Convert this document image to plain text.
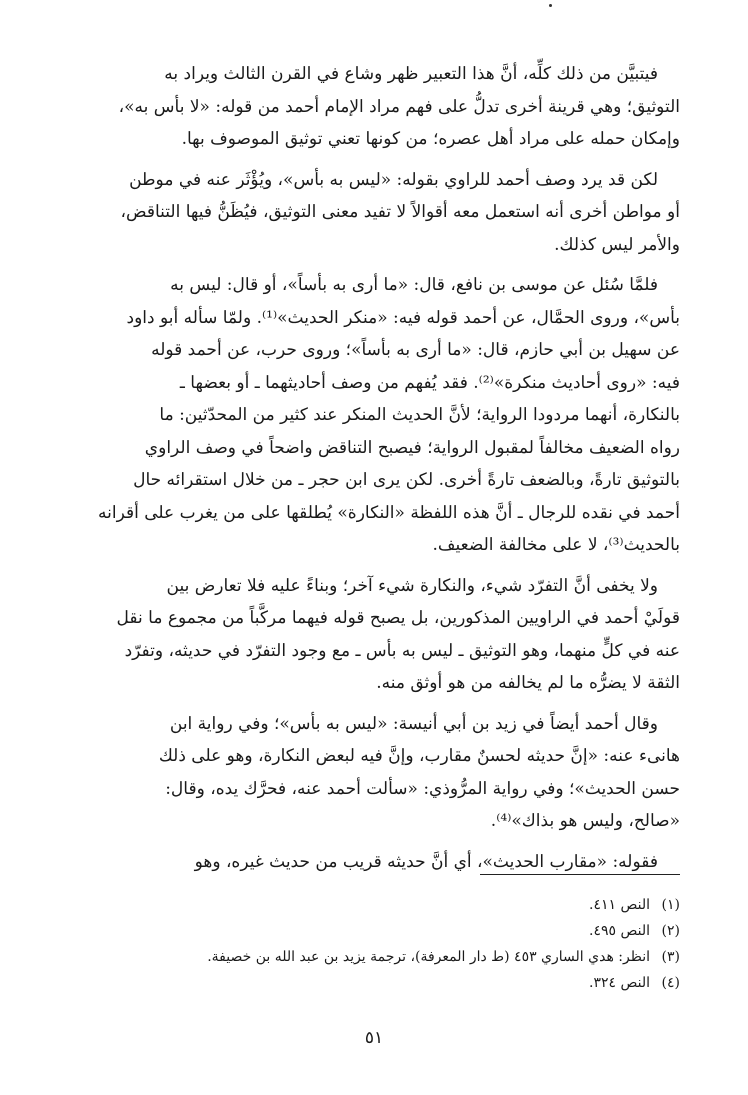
فيتبيَّن من ذلك كلِّه، أنَّ هذا التعبير ظهر وشاع في القرن الثالث ويراد به
التوثيق؛ وهي قرينة أخرى تدلُّ على فهم مراد الإمام أحمد من قوله: «لا بأس به»،
وإمكان حمله على مراد أهل عصره؛ من كونها تعني توثيق الموصوف بها.

لكن قد يرد وصف أحمد للراوي بقوله: «ليس به بأس»، ويُؤْثَر عنه في موطن
أو مواطن أخرى أنه استعمل معه أقوالاً لا تفيد معنى التوثيق، فيُظَنُّ فيها التناقض،
والأمر ليس كذلك.

فلمَّا سُئل عن موسى بن نافع، قال: «ما أرى به بأساً»، أو قال: ليس به
بأس»، وروى الحمَّال، عن أحمد قوله فيه: «منكر الحديث»⁽¹⁾. ولمّا سأله أبو داود
عن سهيل بن أبي حازم، قال: «ما أرى به بأساً»؛ وروى حرب، عن أحمد قوله
فيه: «روى أحاديث منكرة»⁽²⁾. فقد يُفهم من وصف أحاديثهما ـ أو بعضها ـ
بالنكارة، أنهما مردودا الرواية؛ لأنَّ الحديث المنكر عند كثير من المحدّثين: ما
رواه الضعيف مخالفاً لمقبول الرواية؛ فيصبح التناقض واضحاً في وصف الراوي
بالتوثيق تارةً، وبالضعف تارةً أخرى. لكن يرى ابن حجر ـ من خلال استقرائه حال
أحمد في نقده للرجال ـ أنَّ هذه اللفظة «النكارة» يُطلقها على من يغرب على أقرانه
بالحديث⁽³⁾، لا على مخالفة الضعيف.

ولا يخفى أنَّ التفرّد شيء، والنكارة شيء آخر؛ وبناءً عليه فلا تعارض بين
قولَيْ أحمد في الراويين المذكورين، بل يصبح قوله فيهما مركَّباً من مجموع ما نقل
عنه في كلٍّ منهما، وهو التوثيق ـ ليس به بأس ـ مع وجود التفرّد في حديثه، وتفرّد
الثقة لا يضرُّه ما لم يخالفه من هو أوثق منه.

وقال أحمد أيضاً في زيد بن أبي أنيسة: «ليس به بأس»؛ وفي رواية ابن
هانىء عنه: «إنَّ حديثه لحسنٌ مقارب، وإنَّ فيه لبعض النكارة، وهو على ذلك
حسن الحديث»؛ وفي رواية المرُّوذي: «سألت أحمد عنه، فحرَّك يده، وقال:
«صالح، وليس هو بذاك»⁽⁴⁾.

فقوله: «مقارب الحديث»، أي أنَّ حديثه قريب من حديث غيره، وهو

(١)
النص ٤١١.
(٢)
النص ٤٩٥.
(٣)
انظر: هدي الساري ٤٥٣ (ط دار المعرفة)، ترجمة يزيد بن عبد الله بن خصيفة.
(٤)
النص ٣٢٤.
٥١
